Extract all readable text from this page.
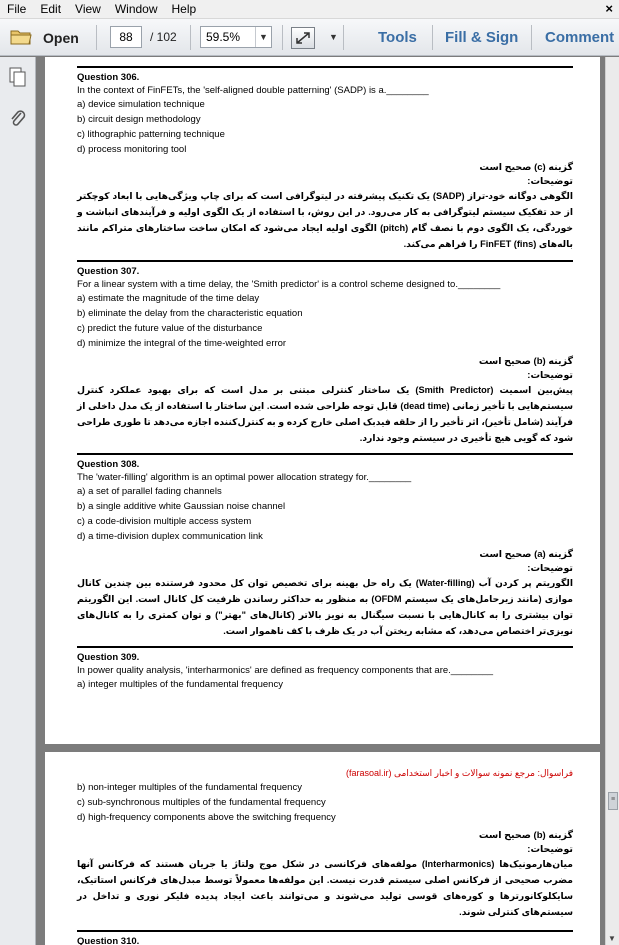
File	Edit	View	Window	Help	×
Open	88	/ 102	59.5%	▼	▼	Tools Fill & Sign Comment
Question 306.
In the context of FinFETs, the 'self-aligned double patterning' (SADP) is a.________
a) device simulation technique
b) circuit design methodology
c) lithographic patterning technique
d) process monitoring tool
گزینه (c) صحیح است
توضیحات:
الگوهی دوگانه خود-تراز (SADP) یک تکنیک پیشرفته در لیتوگرافی است که برای چاپ ویژگی‌هایی با ابعاد کوچکتر از حد تفکیک سیستم لیتوگرافی به کار می‌رود. در این روش، با استفاده از یک الگوی اولیه و فرآیندهای انباشت و خوردگی، یک الگوی دوم با نصف گام (pitch) الگوی اولیه ایجاد می‌شود که امکان ساخت ساختارهای متراکم مانند باله‌های (fins) FinFET را فراهم می‌کند.
Question 307.
For a linear system with a time delay, the 'Smith predictor' is a control scheme designed to.________
a) estimate the magnitude of the time delay
b) eliminate the delay from the characteristic equation
c) predict the future value of the disturbance
d) minimize the integral of the time-weighted error
گزینه (b) صحیح است
توضیحات:
پیش‌بین اسمیت (Smith Predictor) یک ساختار کنترلی مبتنی بر مدل است که برای بهبود عملکرد کنترل سیستم‌هایی با تأخیر زمانی (dead time) قابل توجه طراحی شده است. این ساختار با استفاده از یک مدل داخلی از فرآیند (شامل تأخیر)، اثر تأخیر را از حلقه فیدبک اصلی خارج کرده و به کنترل‌کننده اجازه می‌دهد تا طوری طراحی شود که گویی هیچ تأخیری در سیستم وجود ندارد.
Question 308.
The 'water-filling' algorithm is an optimal power allocation strategy for.________
a) a set of parallel fading channels
b) a single additive white Gaussian noise channel
c) a code-division multiple access system
d) a time-division duplex communication link
گزینه (a) صحیح است
توضیحات:
الگوریتم پر کردن آب (Water-filling) یک راه حل بهینه برای تخصیص توان کل محدود فرستنده بین چندین کانال موازی (مانند زیرحامل‌های یک سیستم OFDM) به منظور به حداکثر رساندن ظرفیت کل کانال است. این الگوریتم توان بیشتری را به کانال‌هایی با نسبت سیگنال به نویز بالاتر (کانال‌های "بهتر") و توان کمتری را به کانال‌های نویزی‌تر اختصاص می‌دهد، که مشابه ریختن آب در یک ظرف با کف ناهموار است.
Question 309.
In power quality analysis, 'interharmonics' are defined as frequency components that are.________
a) integer multiples of the fundamental frequency
فراسوال: مرجع نمونه سوالات و اخبار استخدامی (farasoal.ir)
b) non-integer multiples of the fundamental frequency
c) sub-synchronous multiples of the fundamental frequency
d) high-frequency components above the switching frequency
گزینه (b) صحیح است
توضیحات:
میان‌هارمونیک‌ها (Interharmonics) مولفه‌های فرکانسی در شکل موج ولتاژ یا جریان هستند که فرکانس آنها مضرب صحیحی از فرکانس اصلی سیستم قدرت نیست. این مولفه‌ها معمولاً توسط مبدل‌های فرکانس استاتیک، سایکلوکانورترها و کوره‌های قوسی تولید می‌شوند و می‌توانند باعث ایجاد پدیده فلیکر نوری و تداخل در سیستم‌های کنترلی شوند.
Question 310.
≡
▼
